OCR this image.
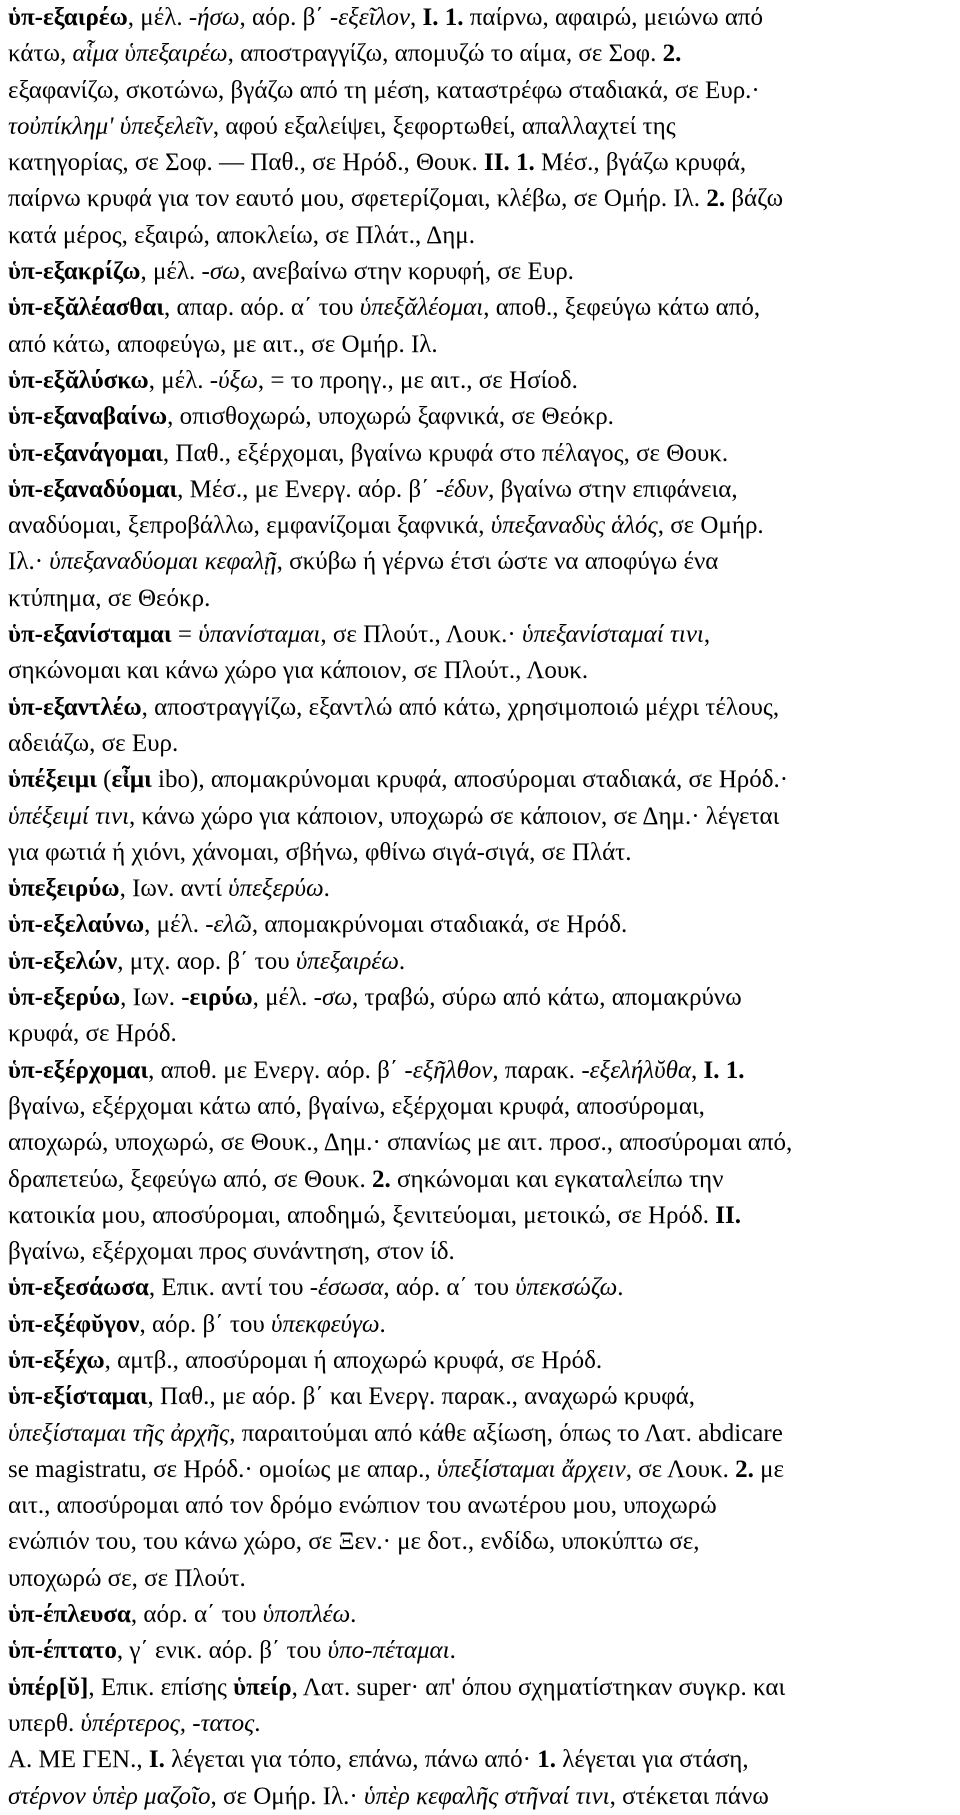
ὑπ-εξαιρέω, μέλ. -ήσω, αόρ. β΄ -εξεῖλον, I. 1. παίρνω, αφαιρώ, μειώνω από
κάτω, αἷμα ὑπεξαιρέω, αποστραγγίζω, απομυζώ το αίμα, σε Σοφ. 2.
εξαφανίζω, σκοτώνω, βγάζω από τη μέση, καταστρέφω σταδιακά, σε Ευρ.·
τοὐπίκλημ' ὑπεξελεῖν, αφού εξαλείψει, ξεφορτωθεί, απαλλαχτεί της
κατηγορίας, σε Σοφ. — Παθ., σε Ηρόδ., Θουκ. II. 1. Μέσ., βγάζω κρυφά,
παίρνω κρυφά για τον εαυτό μου, σφετερίζομαι, κλέβω, σε Ομήρ. Ιλ. 2. βάζω
κατά μέρος, εξαιρώ, αποκλείω, σε Πλάτ., Δημ.
ὑπ-εξακρίζω, μέλ. -σω, ανεβαίνω στην κορυφή, σε Ευρ.
ὑπ-εξᾰλέασθαι, απαρ. αόρ. α΄ του ὑπεξᾰλέομαι, αποθ., ξεφεύγω κάτω από,
από κάτω, αποφεύγω, με αιτ., σε Ομήρ. Ιλ.
ὑπ-εξᾰλύσκω, μέλ. -ύξω, = το προηγ., με αιτ., σε Ησίοδ.
ὑπ-εξαναβαίνω, οπισθοχωρώ, υποχωρώ ξαφνικά, σε Θεόκρ.
ὑπ-εξανάγομαι, Παθ., εξέρχομαι, βγαίνω κρυφά στο πέλαγος, σε Θουκ.
ὑπ-εξαναδύομαι, Μέσ., με Ενεργ. αόρ. β΄ -έδυν, βγαίνω στην επιφάνεια,
αναδύομαι, ξεπροβάλλω, εμφανίζομαι ξαφνικά, ὑπεξαναδὺς ἁλός, σε Ομήρ.
Ιλ.· ὑπεξαναδύομαι κεφαλῇ, σκύβω ή γέρνω έτσι ώστε να αποφύγω ένα
κτύπημα, σε Θεόκρ.
ὑπ-εξανίσταμαι = ὑπανίσταμαι, σε Πλούτ., Λουκ.· ὑπεξανίσταμαί τινι,
σηκώνομαι και κάνω χώρο για κάποιον, σε Πλούτ., Λουκ.
ὑπ-εξαντλέω, αποστραγγίζω, εξαντλώ από κάτω, χρησιμοποιώ μέχρι τέλους,
αδειάζω, σε Ευρ.
ὑπέξειμι (εἶμι ibo), απομακρύνομαι κρυφά, αποσύρομαι σταδιακά, σε Ηρόδ.·
ὑπέξειμί τινι, κάνω χώρο για κάποιον, υποχωρώ σε κάποιον, σε Δημ.· λέγεται
για φωτιά ή χιόνι, χάνομαι, σβήνω, φθίνω σιγά-σιγά, σε Πλάτ.
ὑπεξειρύω, Ιων. αντί ὑπεξερύω.
ὑπ-εξελαύνω, μέλ. -ελῶ, απομακρύνομαι σταδιακά, σε Ηρόδ.
ὑπ-εξελών, μτχ. αορ. β΄ του ὑπεξαιρέω.
ὑπ-εξερύω, Ιων. -ειρύω, μέλ. -σω, τραβώ, σύρω από κάτω, απομακρύνω
κρυφά, σε Ηρόδ.
ὑπ-εξέρχομαι, αποθ. με Ενεργ. αόρ. β΄ -εξῆλθον, παρακ. -εξελήλῠθα, I. 1.
βγαίνω, εξέρχομαι κάτω από, βγαίνω, εξέρχομαι κρυφά, αποσύρομαι,
αποχωρώ, υποχωρώ, σε Θουκ., Δημ.· σπανίως με αιτ. προσ., αποσύρομαι από,
δραπετεύω, ξεφεύγω από, σε Θουκ. 2. σηκώνομαι και εγκαταλείπω την
κατοικία μου, αποσύρομαι, αποδημώ, ξενιτεύομαι, μετοικώ, σε Ηρόδ. II.
βγαίνω, εξέρχομαι προς συνάντηση, στον ίδ.
ὑπ-εξεσάωσα, Επικ. αντί του -έσωσα, αόρ. α΄ του ὑπεκσώζω.
ὑπ-εξέφῠγον, αόρ. β΄ του ὑπεκφεύγω.
ὑπ-εξέχω, αμτβ., αποσύρομαι ή αποχωρώ κρυφά, σε Ηρόδ.
ὑπ-εξίσταμαι, Παθ., με αόρ. β΄ και Ενεργ. παρακ., αναχωρώ κρυφά,
ὑπεξίσταμαι τῆς ἀρχῆς, παραιτούμαι από κάθε αξίωση, όπως το Λατ. abdicare
se magistratu, σε Ηρόδ.· ομοίως με απαρ., ὑπεξίσταμαι ἄρχειν, σε Λουκ. 2. με
αιτ., αποσύρομαι από τον δρόμο ενώπιον του ανωτέρου μου, υποχωρώ
ενώπιόν του, του κάνω χώρο, σε Ξεν.· με δοτ., ενδίδω, υποκύπτω σε,
υποχωρώ σε, σε Πλούτ.
ὑπ-έπλευσα, αόρ. α΄ του ὑποπλέω.
ὑπ-έπτατο, γ΄ ενικ. αόρ. β΄ του ὑπο-πέταμαι.
ὑπέρ[ῠ], Επικ. επίσης ὑπείρ, Λατ. super· απ' όπου σχηματίστηκαν συγκρ. και
υπερθ. ὑπέρτερος, -τατος.
Α. ΜΕ ΓΕΝ., I. λέγεται για τόπο, επάνω, πάνω από· 1. λέγεται για στάση,
στέρνον ὑπὲρ μαζοῖο, σε Ομήρ. Ιλ.· ὑπὲρ κεφαλῆς στῆναί τινι, στέκεται πάνω
